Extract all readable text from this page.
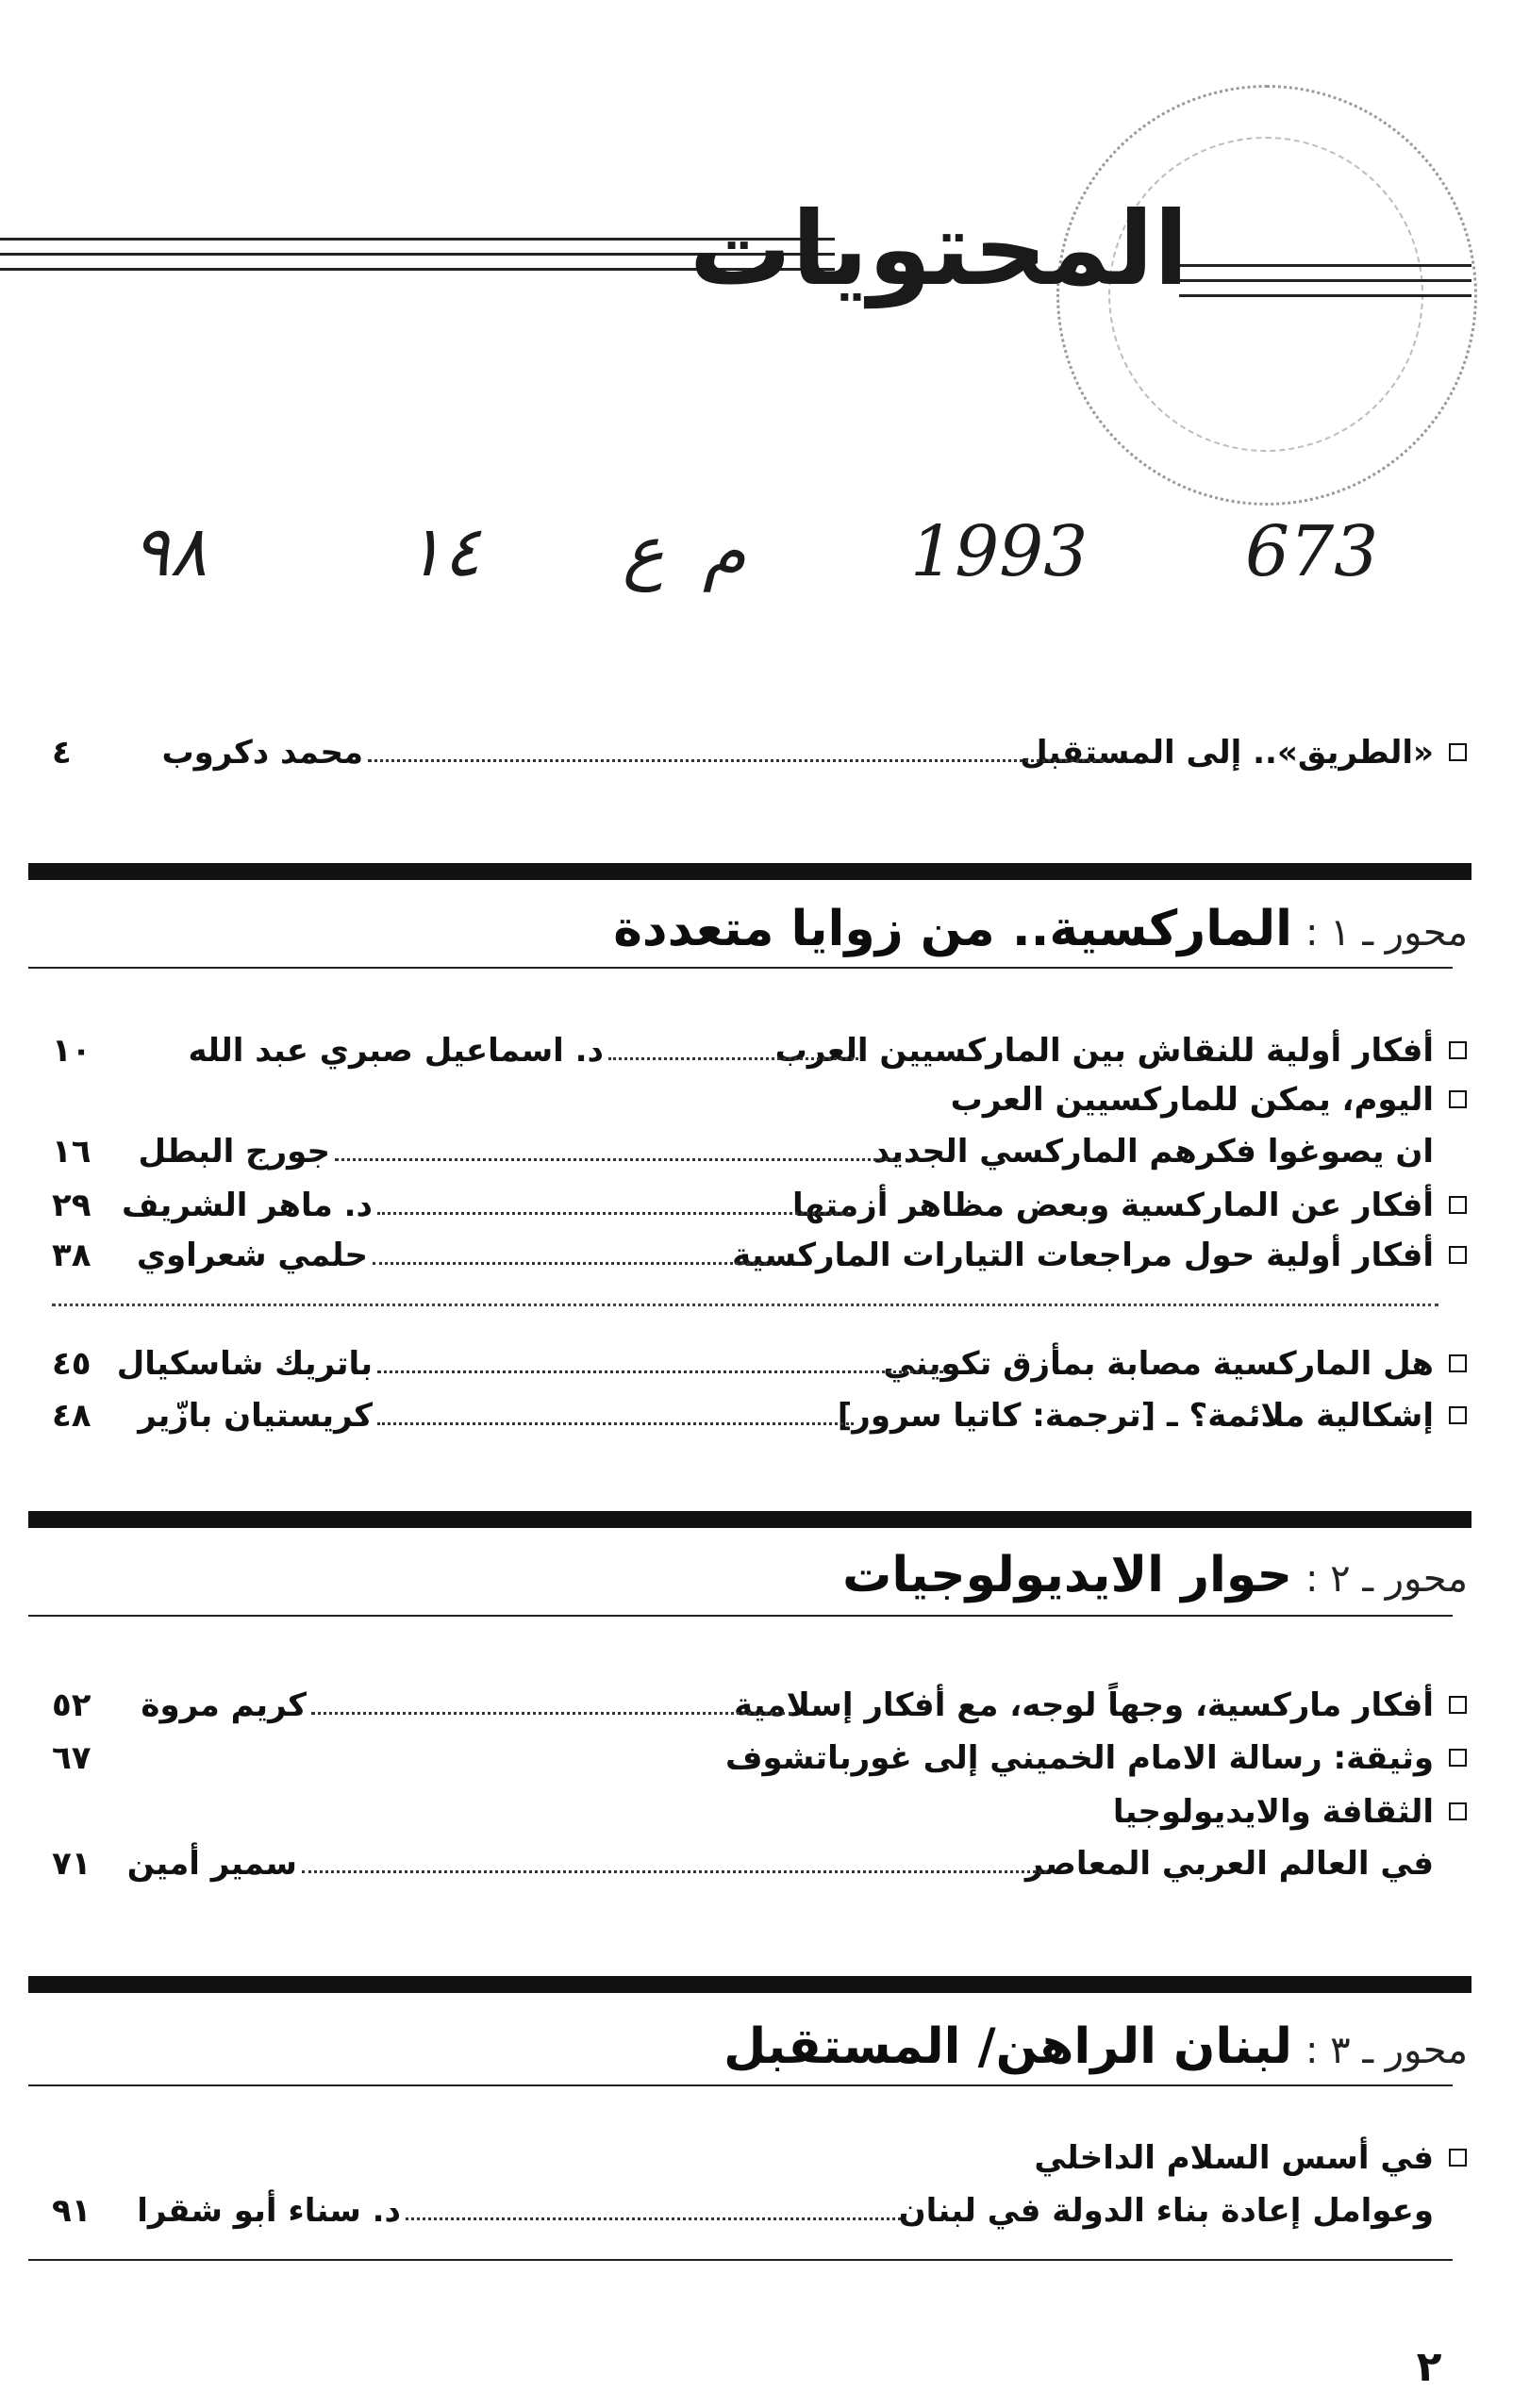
المحتويات
٩٨	١٤ ع م 1993 673
«الطريق».. إلى المستقبل
محمد دكروب
٤
محور ـ ١ :
الماركسية.. من زوايا متعددة
أفكار أولية للنقاش بين الماركسيين العرب
د. اسماعيل صبري عبد الله
١٠
اليوم، يمكن للماركسيين العرب
ان يصوغوا فكرهم الماركسي الجديد
جورج البطل
١٦
أفكار عن الماركسية وبعض مظاهر أزمتها
د. ماهر الشريف
٢٩
أفكار أولية حول مراجعات التيارات الماركسية
حلمي شعراوي
٣٨
هل الماركسية مصابة بمأزق تكويني
باتريك شاسكيال
٤٥
إشكالية ملائمة؟ ـ [ترجمة: كاتيا سرور]
كريستيان بازّير
٤٨
محور ـ ٢ :
حوار الايديولوجيات
أفكار ماركسية، وجهاً لوجه، مع أفكار إسلامية
كريم مروة
٥٢
وثيقة: رسالة الامام الخميني إلى غورباتشوف
٦٧
الثقافة والايديولوجيا
في العالم العربي المعاصر
سمير أمين
٧١
محور ـ ٣ :
لبنان الراهن/ المستقبل
في أسس السلام الداخلي
وعوامل إعادة بناء الدولة في لبنان
د. سناء أبو شقرا
٩١
٢
